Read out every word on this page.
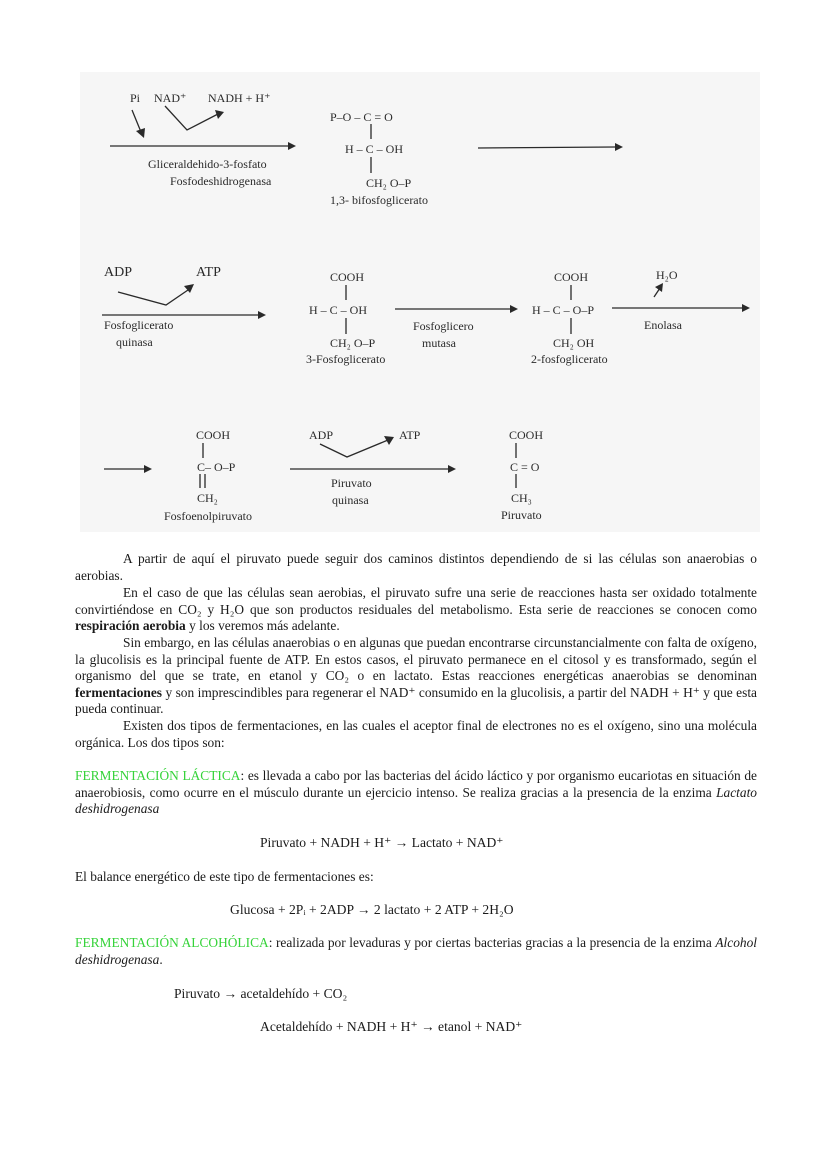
Pi NAD⁺ NADH + H⁺
Gliceraldehido-3-fosfato
Fosfodeshidrogenasa
P–O – C = O
H – C – OH
CH₂ O–P
1,3- bifosfoglicerato
ADP	ATP
Fosfoglicerato
quinasa
COOH
H – C – OH
CH₂ O–P
3-Fosfoglicerato
Fosfoglicero
mutasa
COOH
H – C – O–P
CH₂ OH
2-fosfoglicerato
H₂O
Enolasa
COOH
C– O–P
CH₂
Fosfoenolpiruvato
ADP	ATP
Piruvato
quinasa
COOH
C = O
CH₃
Piruvato
A partir de aquí el piruvato puede seguir dos caminos distintos dependiendo de si las células son anaerobias o aerobias.
En el caso de que las células sean aerobias, el piruvato sufre una serie de reacciones hasta ser oxidado totalmente convirtiéndose en CO₂ y H₂O que son productos residuales del metabolismo. Esta serie de reacciones se conocen como respiración aerobia y los veremos más adelante.
Sin embargo, en las células anaerobias o en algunas que puedan encontrarse circunstancialmente con falta de oxígeno, la glucolisis es la principal fuente de ATP. En estos casos, el piruvato permanece en el citosol y es transformado, según el organismo del que se trate, en etanol y CO₂ o en lactato. Estas reacciones energéticas anaerobias se denominan fermentaciones y son imprescindibles para regenerar el NAD⁺ consumido en la glucolisis, a partir del NADH + H⁺ y que esta pueda continuar.
Existen dos tipos de fermentaciones, en las cuales el aceptor final de electrones no es el oxígeno, sino una molécula orgánica. Los dos tipos son:
FERMENTACIÓN LÁCTICA: es llevada a cabo por las bacterias del ácido láctico y por organismo eucariotas en situación de anaerobiosis, como ocurre en el músculo durante un ejercicio intenso. Se realiza gracias a la presencia de la enzima Lactato deshidrogenasa
Piruvato + NADH + H⁺ → Lactato + NAD⁺
El balance energético de este tipo de fermentaciones es:
Glucosa + 2Pᵢ + 2ADP → 2 lactato + 2 ATP + 2H₂O
FERMENTACIÓN ALCOHÓLICA: realizada por levaduras y por ciertas bacterias gracias a la presencia de la enzima Alcohol deshidrogenasa.
Piruvato → acetaldehído + CO₂
Acetaldehído + NADH + H⁺ → etanol + NAD⁺
